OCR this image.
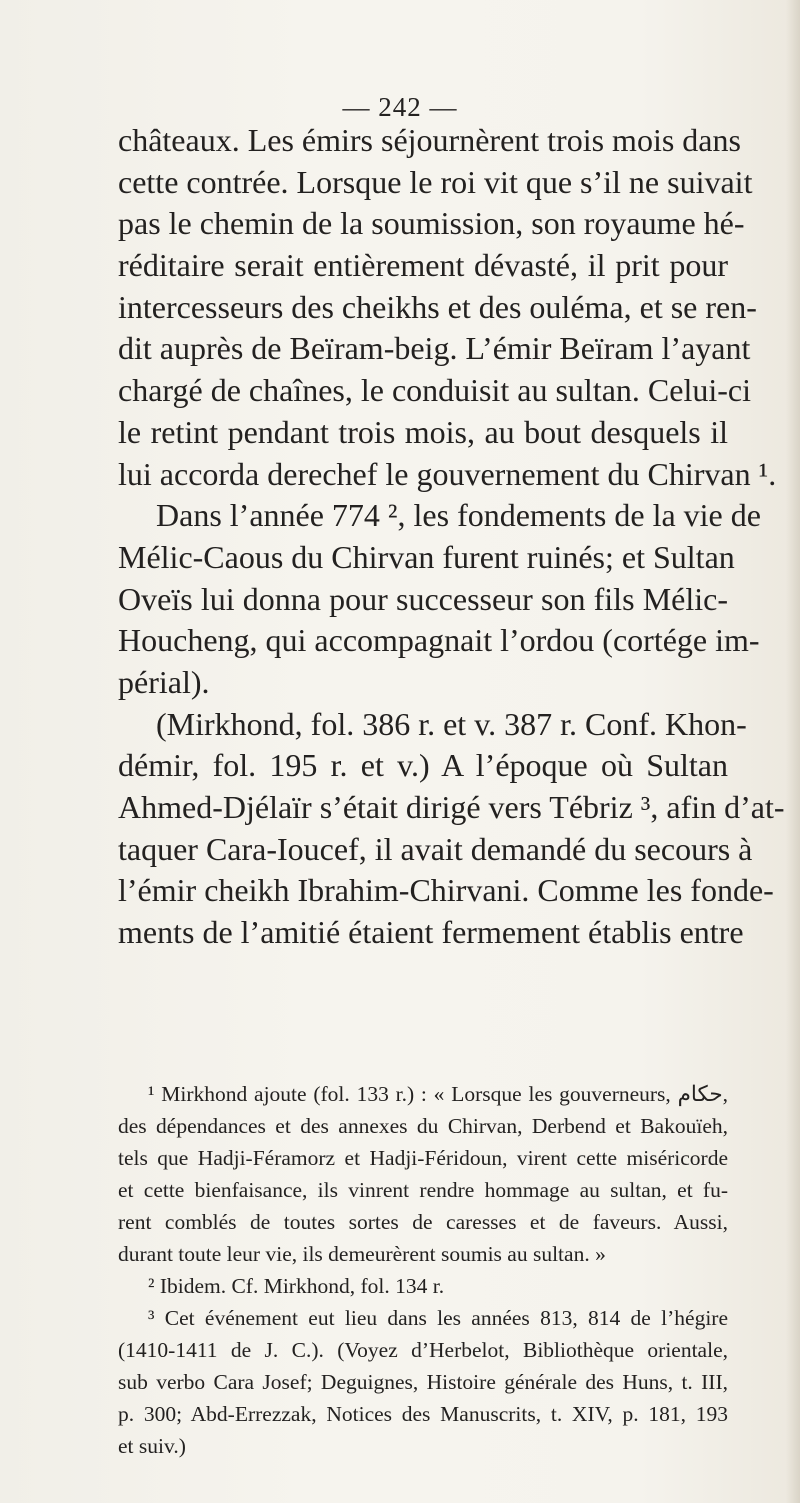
— 242 —
châteaux. Les émirs séjournèrent trois mois dans
cette contrée. Lorsque le roi vit que s’il ne suivait
pas le chemin de la soumission, son royaume hé-
réditaire serait entièrement dévasté, il prit pour
intercesseurs des cheikhs et des ouléma, et se ren-
dit auprès de Beïram-beig. L’émir Beïram l’ayant
chargé de chaînes, le conduisit au sultan. Celui-ci
le retint pendant trois mois, au bout desquels il
lui accorda derechef le gouvernement du Chirvan ¹.
Dans l’année 774 ², les fondements de la vie de
Mélic-Caous du Chirvan furent ruinés; et Sultan
Oveïs lui donna pour successeur son fils Mélic-
Houcheng, qui accompagnait l’ordou (cortége im-
périal).
(Mirkhond, fol. 386 r. et v. 387 r. Conf. Khon-
démir, fol. 195 r. et v.) A l’époque où Sultan
Ahmed-Djélaïr s’était dirigé vers Tébriz ³, afin d’at-
taquer Cara-Ioucef, il avait demandé du secours à
l’émir cheikh Ibrahim-Chirvani. Comme les fonde-
ments de l’amitié étaient fermement établis entre
¹ Mirkhond ajoute (fol. 133 r.) : « Lorsque les gouverneurs, حكام,
des dépendances et des annexes du Chirvan, Derbend et Bakouïeh,
tels que Hadji-Féramorz et Hadji-Féridoun, virent cette miséricorde
et cette bienfaisance, ils vinrent rendre hommage au sultan, et fu-
rent comblés de toutes sortes de caresses et de faveurs. Aussi,
durant toute leur vie, ils demeurèrent soumis au sultan. »
² Ibidem. Cf. Mirkhond, fol. 134 r.
³ Cet événement eut lieu dans les années 813, 814 de l’hégire
(1410-1411 de J. C.). (Voyez d’Herbelot, Bibliothèque orientale,
sub verbo Cara Josef; Deguignes, Histoire générale des Huns, t. III,
p. 300; Abd-Errezzak, Notices des Manuscrits, t. XIV, p. 181, 193
et suiv.)
